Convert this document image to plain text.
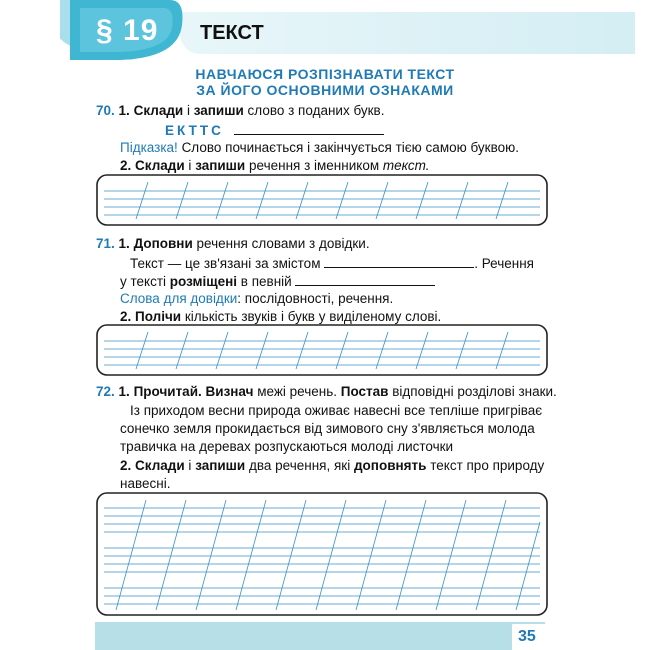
§ 19 ТЕКСТ
НАВЧАЮСЯ РОЗПІЗНАВАТИ ТЕКСТ
ЗА ЙОГО ОСНОВНИМИ ОЗНАКАМИ
70. 1. Склади і запиши слово з поданих букв.
ЕКТТС
Підказка! Слово починається і закінчується тією самою буквою.
2. Склади і запиши речення з іменником текст.
71. 1. Доповни речення словами з довідки.
Текст — це зв'язані за змістом	. Речення
у тексті розміщені в певній
Слова для довідки: послідовності, речення.
2. Полічи кількість звуків і букв у виділеному слові.
72. 1. Прочитай. Визнач межі речень. Постав відповідні розділові знаки.
Із приходом весни природа оживає навесні все тепліше пригріває
сонечко земля прокидається від зимового сну з'являється молода
травичка на деревах розпускаються молоді листочки
2. Склади і запиши два речення, які доповнять текст про природу
навесні.
35
